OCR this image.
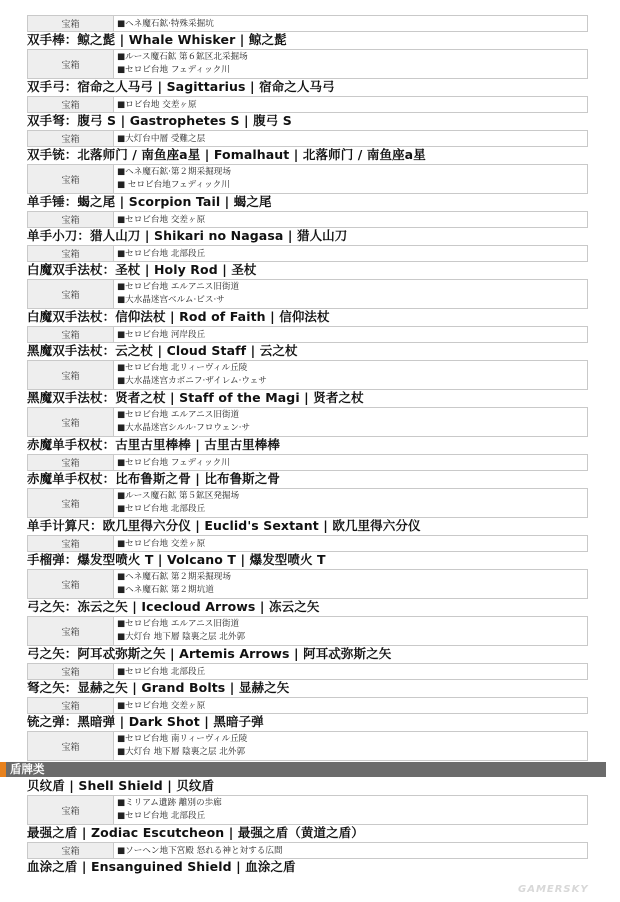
宝箱	■ヘネ魔石鉱·特殊采掘坑
双手棒：鲸之髭 | Whale Whisker | 鲸之髭
宝箱
■ルース魔石鉱 第６鉱区北采掘场
■セロビ台地 フェディック川
双手弓：宿命之人马弓 | Sagittarius | 宿命之人马弓
宝箱	■ロビ台地 交差ヶ原
双手弩：腹弓 S | Gastrophetes S | 腹弓 S
宝箱	■大灯台中層 受難之层
双手铳：北落师门 / 南鱼座a星 | Fomalhaut | 北落师门 / 南鱼座a星
宝箱
■ヘネ魔石鉱·第２期采掘现场
■ セロビ台地フェディック川
单手锤：蝎之尾 | Scorpion Tail | 蝎之尾
宝箱	■セロビ台地 交差ヶ原
单手小刀：猎人山刀 | Shikari no Nagasa | 猎人山刀
宝箱	■セロビ台地 北部段丘
白魔双手法杖：圣杖 | Holy Rod | 圣杖
宝箱
■セロビ台地 エルアニス旧街道
■大水晶迷宫ベルム·ビス·サ
白魔双手法杖：信仰法杖 | Rod of Faith | 信仰法杖
宝箱	■セロビ台地 河岸段丘
黑魔双手法杖：云之杖 | Cloud Staff | 云之杖
宝箱
■セロビ台地 北リィーヴィル丘陵
■大水晶迷宫カボニフ·ザイレム·ウェサ
黑魔双手法杖：贤者之杖 | Staff of the Magi | 贤者之杖
宝箱
■セロビ台地 エルアニス旧街道
■大水晶迷宫シルル·フロウェン·サ
赤魔单手权杖：古里古里棒棒 | 古里古里棒棒
宝箱	■セロビ台地 フェディック川
赤魔单手权杖：比布鲁斯之骨 | 比布鲁斯之骨
宝箱
■ルース魔石鉱 第５鉱区発掘场
■セロビ台地 北部段丘
单手计算尺：欧几里得六分仪 | Euclid's Sextant | 欧几里得六分仪
宝箱	■セロビ台地 交差ヶ原
手榴弹：爆发型喷火 T | Volcano T | 爆发型喷火 T
宝箱
■ヘネ魔石鉱 第２期采掘现场
■ヘネ魔石鉱 第２期坑道
弓之矢：冻云之矢 | Icecloud Arrows | 冻云之矢
宝箱
■セロビ台地 エルアニス旧街道
■大灯台 地下層 陰裏之层 北外郭
弓之矢：阿耳忒弥斯之矢 | Artemis Arrows | 阿耳忒弥斯之矢
宝箱	■セロビ台地 北部段丘
弩之矢：显赫之矢 | Grand Bolts | 显赫之矢
宝箱	■セロビ台地 交差ヶ原
铳之弹：黑暗弹 | Dark Shot | 黑暗子弹
宝箱
■セロビ台地 南リィーヴィル丘陵
■大灯台 地下層 陰裏之层 北外郭
盾牌类
贝纹盾 | Shell Shield | 贝纹盾
宝箱
■ミリアム遺跡 離別の歩廊
■セロビ台地 北部段丘
最强之盾 | Zodiac Escutcheon | 最强之盾（黄道之盾）
宝箱	■ソーヘン地下宮殿 怒れる神と対する広間
血涂之盾 | Ensanguined Shield | 血涂之盾
GAMERSKY
